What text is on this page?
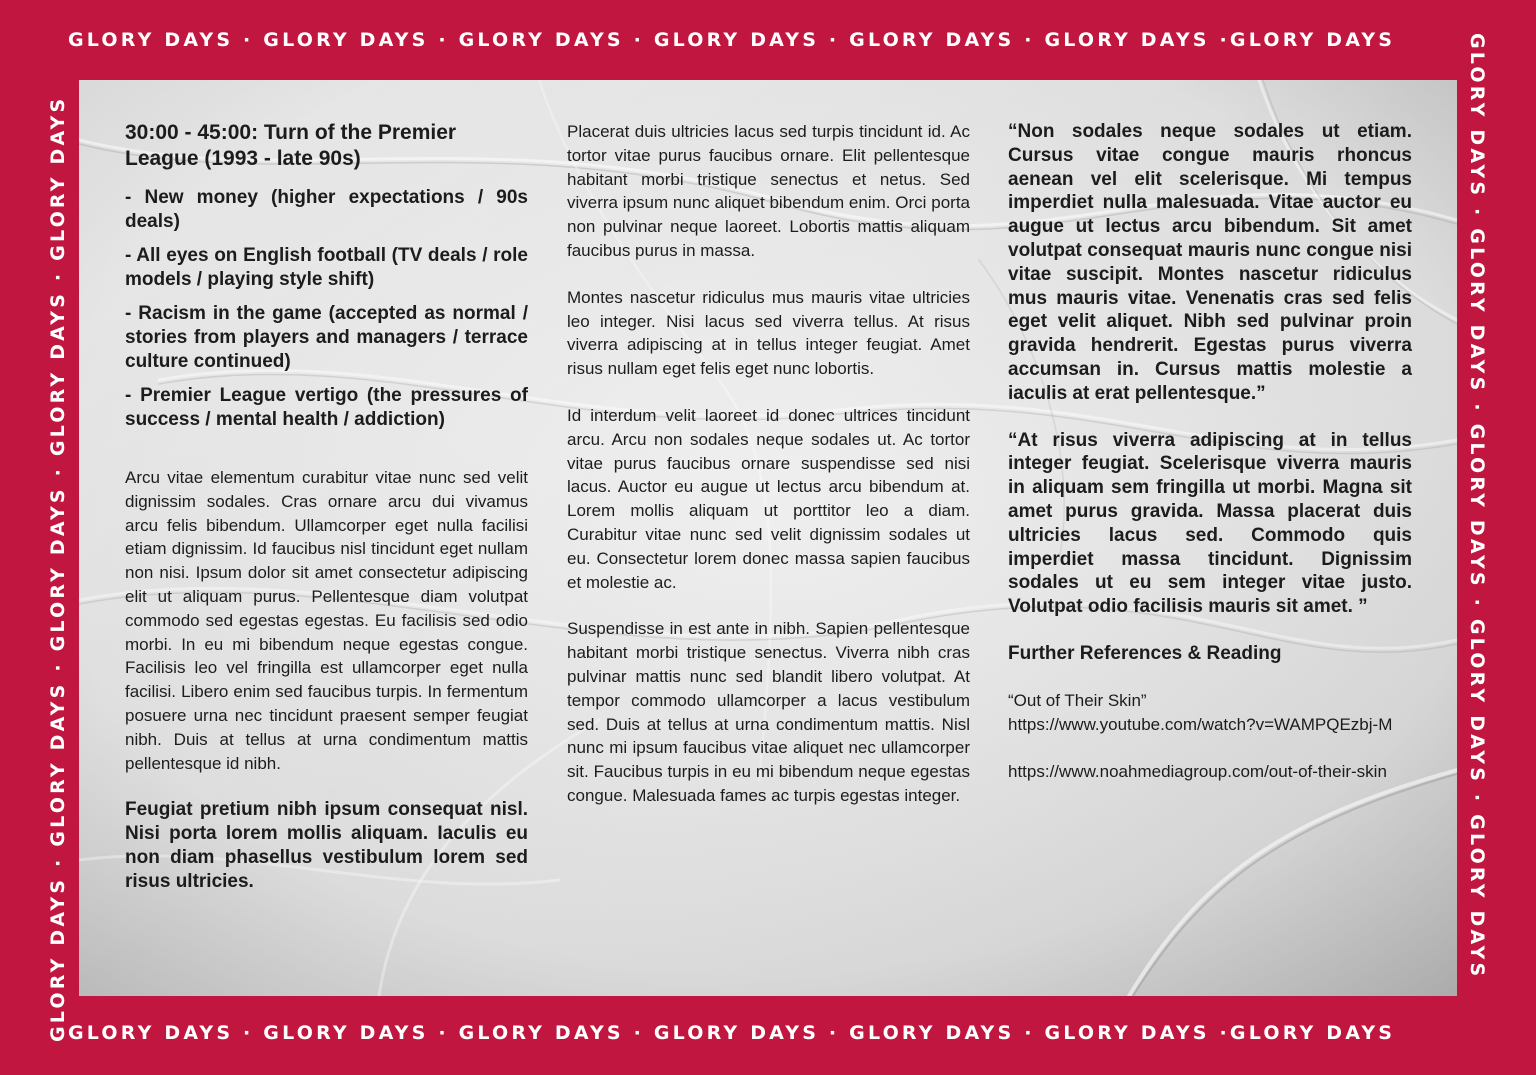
GLORY DAYS · GLORY DAYS · GLORY DAYS · GLORY DAYS · GLORY DAYS · GLORY DAYS ·GLORY DAYS
GLORY DAYS · GLORY DAYS · GLORY DAYS · GLORY DAYS · GLORY DAYS · GLORY DAYS ·GLORY DAYS
GLORY DAYS · GLORY DAYS · GLORY DAYS · GLORY DAYS · GLORY DAYS	GLORY DAYS · GLORY DAYS · GLORY DAYS · GLORY DAYS · GLORY DAYS
30:00 - 45:00: Turn of the Premier League (1993 - late 90s)
- New money (higher expectations / 90s deals)
- All eyes on English football (TV deals / role models / playing style shift)
- Racism in the game (accepted as normal / stories from players and managers / terrace culture continued)
- Premier League vertigo (the pressures of success / mental health / addiction)

Arcu vitae elementum curabitur vitae nunc sed velit dignissim sodales. Cras ornare arcu dui vivamus arcu felis bibendum. Ullamcorper eget nulla facilisi etiam dignissim. Id faucibus nisl tincidunt eget nullam non nisi. Ipsum dolor sit amet consectetur adipiscing elit ut aliquam purus. Pellentesque diam volutpat commodo sed egestas egestas. Eu facilisis sed odio morbi. In eu mi bibendum neque egestas congue. Facilisis leo vel fringilla est ullamcorper eget nulla facilisi. Libero enim sed faucibus turpis. In fermentum posuere urna nec tincidunt praesent semper feugiat nibh. Duis at tellus at urna condimentum mattis pellentesque id nibh.

Feugiat pretium nibh ipsum consequat nisl. Nisi porta lorem mollis aliquam. Iaculis eu non diam phasellus vestibulum lorem sed risus ultricies.

Placerat duis ultricies lacus sed turpis tincidunt id. Ac tortor vitae purus faucibus ornare. Elit pellentesque habitant morbi tristique senectus et netus. Sed viverra ipsum nunc aliquet bibendum enim. Orci porta non pulvinar neque laoreet. Lobortis mattis aliquam faucibus purus in massa.

Montes nascetur ridiculus mus mauris vitae ultricies leo integer. Nisi lacus sed viverra tellus. At risus viverra adipiscing at in tellus integer feugiat. Amet risus nullam eget felis eget nunc lobortis.

Id interdum velit laoreet id donec ultrices tincidunt arcu. Arcu non sodales neque sodales ut. Ac tortor vitae purus faucibus ornare suspendisse sed nisi lacus. Auctor eu augue ut lectus arcu bibendum at. Lorem mollis aliquam ut porttitor leo a diam. Curabitur vitae nunc sed velit dignissim sodales ut eu. Consectetur lorem donec massa sapien faucibus et molestie ac.

Suspendisse in est ante in nibh. Sapien pellentesque habitant morbi tristique senectus. Viverra nibh cras pulvinar mattis nunc sed blandit libero volutpat. At tempor commodo ullamcorper a lacus vestibulum sed. Duis at tellus at urna condimentum mattis. Nisl nunc mi ipsum faucibus vitae aliquet nec ullamcorper sit. Faucibus turpis in eu mi bibendum neque egestas congue. Malesuada fames ac turpis egestas integer.

“Non sodales neque sodales ut etiam. Cursus vitae congue mauris rhoncus aenean vel elit scelerisque. Mi tempus imperdiet nulla malesuada. Vitae auctor eu augue ut lectus arcu bibendum. Sit amet volutpat consequat mauris nunc congue nisi vitae suscipit. Montes nascetur ridiculus mus mauris vitae. Venenatis cras sed felis eget velit aliquet. Nibh sed pulvinar proin gravida hendrerit. Egestas purus viverra accumsan in. Cursus mattis molestie a iaculis at erat pellentesque.”

“At risus viverra adipiscing at in tellus integer feugiat. Scelerisque viverra mauris in aliquam sem fringilla ut morbi. Magna sit amet purus gravida. Massa placerat duis ultricies lacus sed. Commodo quis imperdiet massa tincidunt. Dignissim sodales ut eu sem integer vitae justo. Volutpat odio facilisis mauris sit amet. ”

Further References & Reading

“Out of Their Skin”

https://www.youtube.com/watch?v=WAMPQEzbj-M

https://www.noahmediagroup.com/out-of-their-skin
